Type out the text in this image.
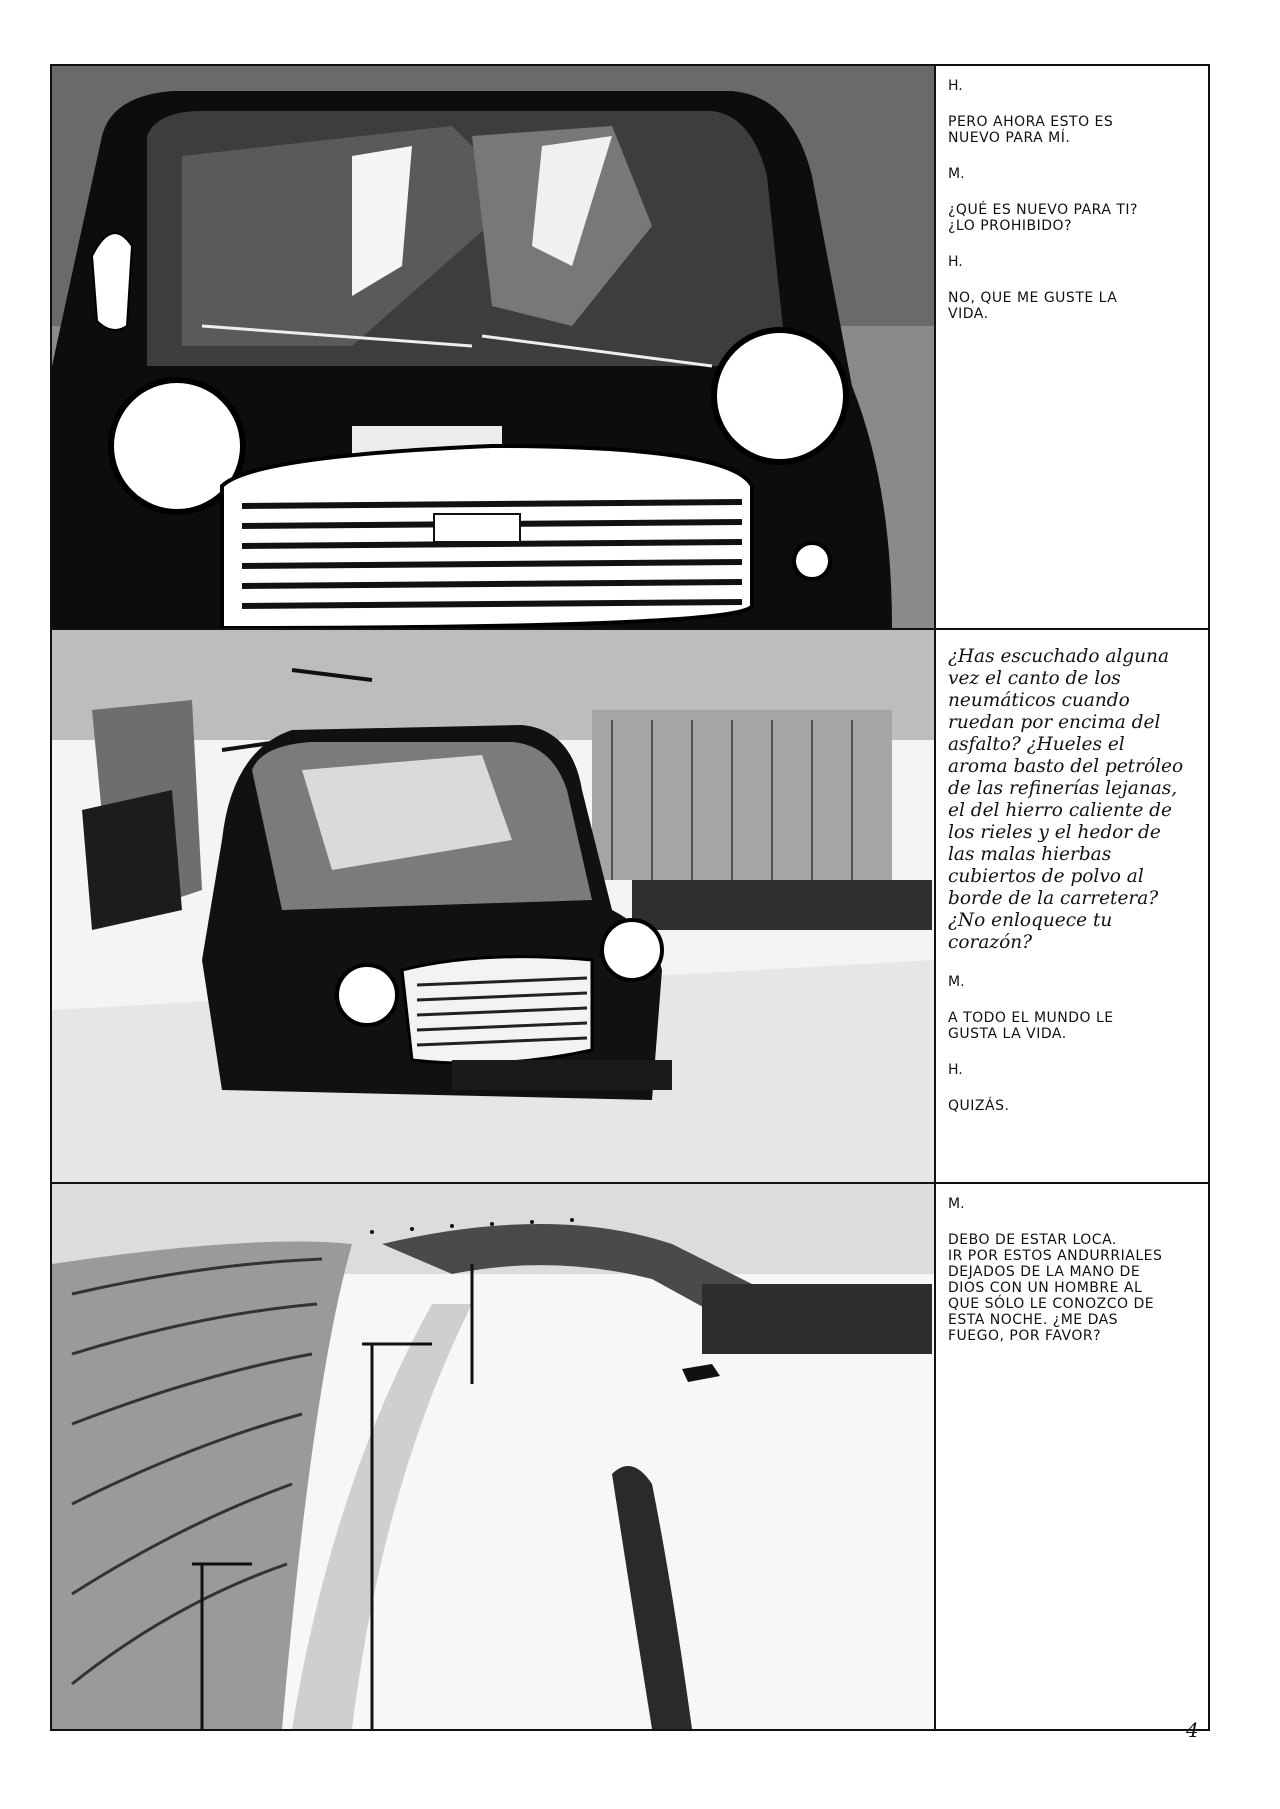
H.
PERO AHORA ESTO ES
NUEVO PARA MÍ.
M.
¿QUÉ ES NUEVO PARA TI?
¿LO PROHIBIDO?
H.
NO, QUE ME GUSTE LA
VIDA.
¿Has escuchado alguna
vez el canto de los
neumáticos cuando
ruedan por encima del
asfalto? ¿Hueles el
aroma basto del petróleo
de las refinerías lejanas,
el del hierro caliente de
los rieles y el hedor de
las malas hierbas
cubiertos de polvo al
borde de la carretera?
¿No enloquece tu corazón?
M.
A TODO EL MUNDO LE
GUSTA LA VIDA.
H.
QUIZÁS.
M.
DEBO DE ESTAR LOCA.
IR POR ESTOS ANDURRIALES
DEJADOS DE LA MANO DE
DIOS CON UN HOMBRE AL
QUE SÓLO LE CONOZCO DE
ESTA NOCHE. ¿ME DAS
FUEGO, POR FAVOR?
4
